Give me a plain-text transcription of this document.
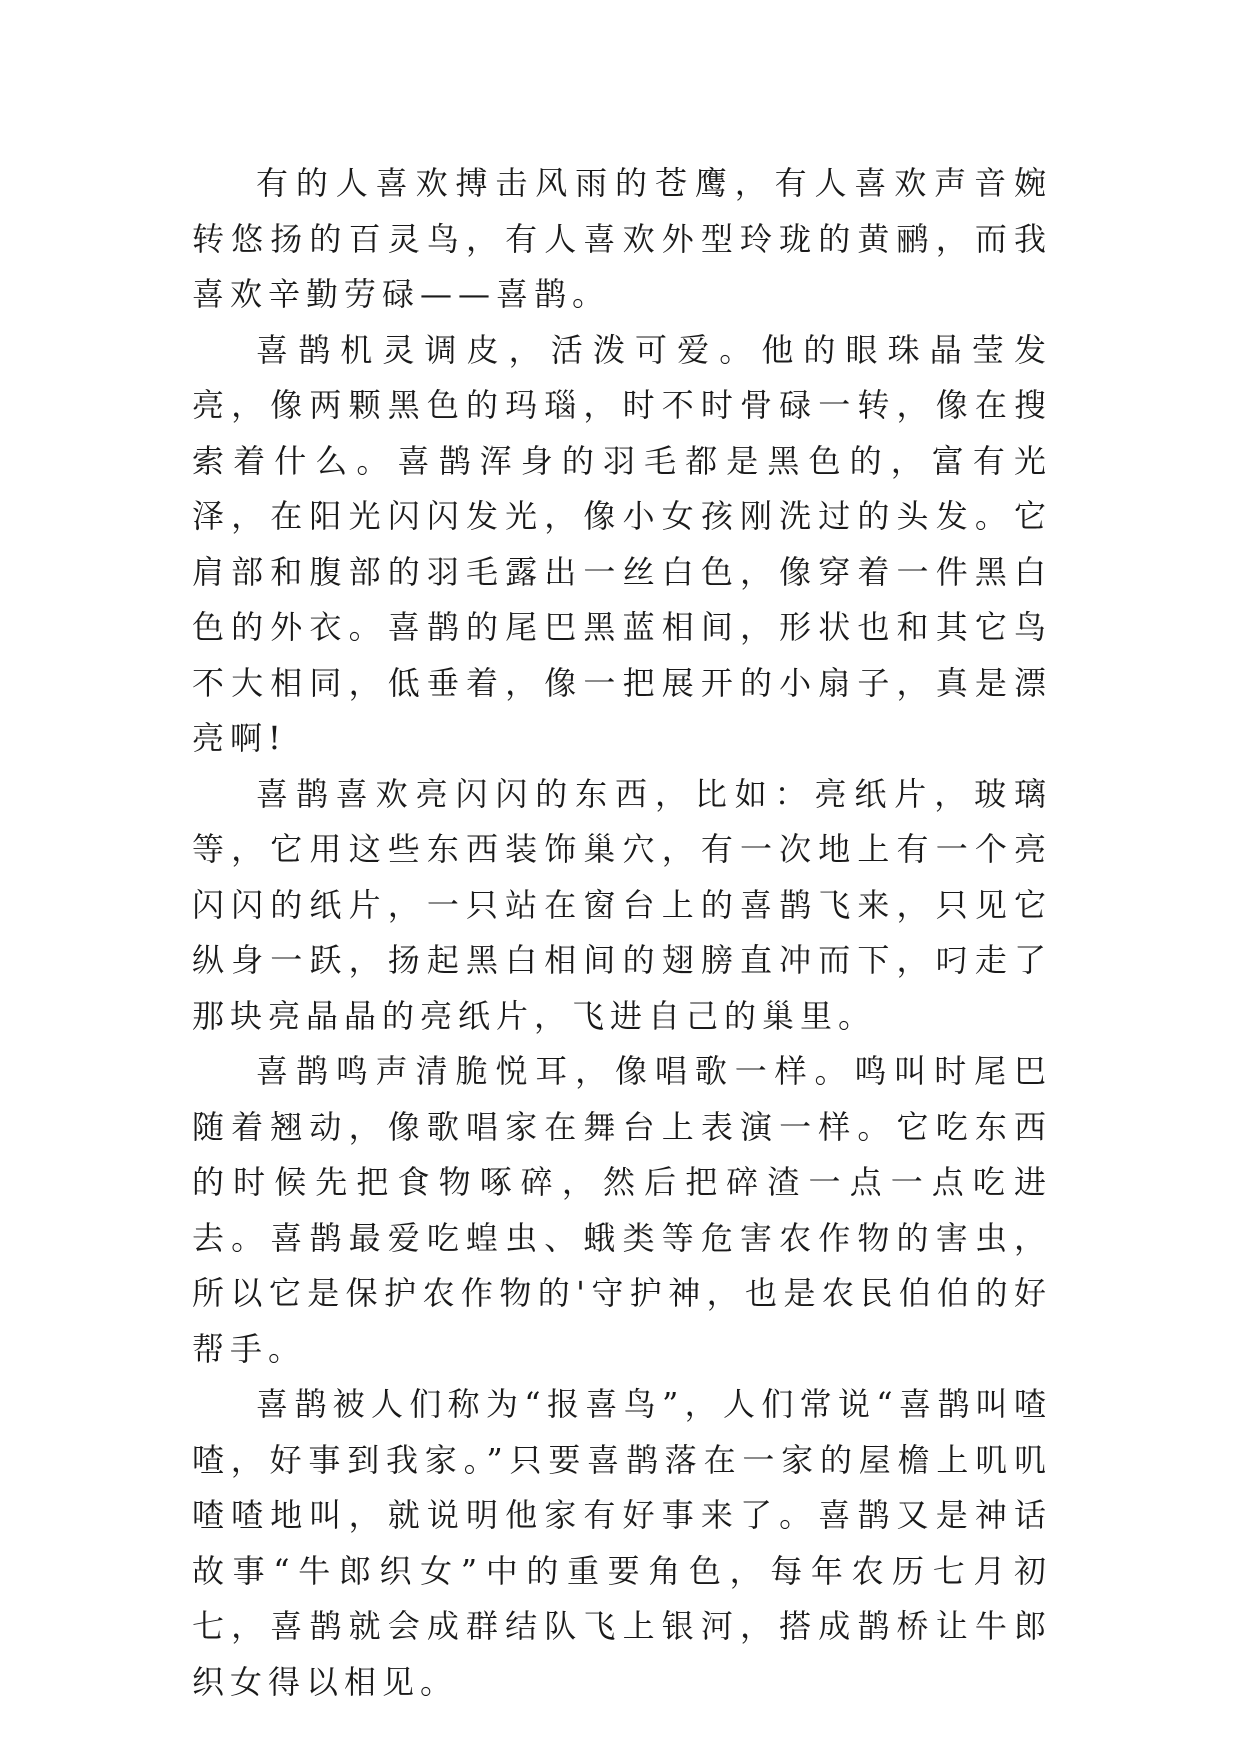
有的人喜欢搏击风雨的苍鹰，有人喜欢声音婉转悠扬的百灵鸟，有人喜欢外型玲珑的黄鹂，而我喜欢辛勤劳碌——喜鹊。

喜鹊机灵调皮，活泼可爱。他的眼珠晶莹发亮，像两颗黑色的玛瑙，时不时骨碌一转，像在搜索着什么。喜鹊浑身的羽毛都是黑色的，富有光泽，在阳光闪闪发光，像小女孩刚洗过的头发。它肩部和腹部的羽毛露出一丝白色，像穿着一件黑白色的外衣。喜鹊的尾巴黑蓝相间，形状也和其它鸟不大相同，低垂着，像一把展开的小扇子，真是漂亮啊!

喜鹊喜欢亮闪闪的东西，比如：亮纸片，玻璃等，它用这些东西装饰巢穴，有一次地上有一个亮闪闪的纸片，一只站在窗台上的喜鹊飞来，只见它纵身一跃，扬起黑白相间的翅膀直冲而下，叼走了那块亮晶晶的亮纸片，飞进自己的巢里。

喜鹊鸣声清脆悦耳，像唱歌一样。鸣叫时尾巴随着翘动，像歌唱家在舞台上表演一样。它吃东西的时候先把食物啄碎，然后把碎渣一点一点吃进去。喜鹊最爱吃蝗虫、蛾类等危害农作物的害虫，所以它是保护农作物的'守护神，也是农民伯伯的好帮手。

喜鹊被人们称为“报喜鸟”，人们常说“喜鹊叫喳喳，好事到我家。”只要喜鹊落在一家的屋檐上叽叽喳喳地叫，就说明他家有好事来了。喜鹊又是神话故事“牛郎织女”中的重要角色，每年农历七月初七，喜鹊就会成群结队飞上银河，搭成鹊桥让牛郎织女得以相见。
